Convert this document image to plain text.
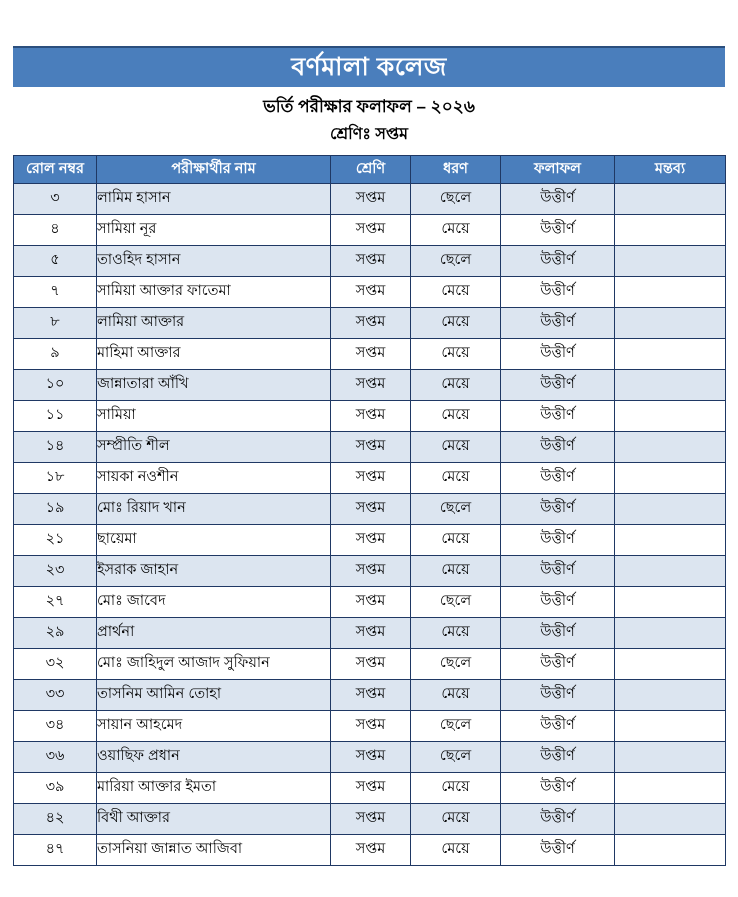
বর্ণমালা কলেজ
ভর্তি পরীক্ষার ফলাফল – ২০২৬
শ্রেণিঃ সপ্তম
রোল নম্বর	পরীক্ষার্থীর নাম	শ্রেণি	ধরণ	ফলাফল	মন্তব্য
৩	লামিম হাসান	সপ্তম	ছেলে	উত্তীর্ণ	
৪	সামিয়া নূর	সপ্তম	মেয়ে	উত্তীর্ণ	
৫	তাওহিদ হাসান	সপ্তম	ছেলে	উত্তীর্ণ	
৭	সামিয়া আক্তার ফাতেমা	সপ্তম	মেয়ে	উত্তীর্ণ	
৮	লামিয়া আক্তার	সপ্তম	মেয়ে	উত্তীর্ণ	
৯	মাহিমা আক্তার	সপ্তম	মেয়ে	উত্তীর্ণ	
১০	জান্নাতারা আঁখি	সপ্তম	মেয়ে	উত্তীর্ণ	
১১	সামিয়া	সপ্তম	মেয়ে	উত্তীর্ণ	
১৪	সম্প্রীতি শীল	সপ্তম	মেয়ে	উত্তীর্ণ	
১৮	সায়কা নওশীন	সপ্তম	মেয়ে	উত্তীর্ণ	
১৯	মোঃ রিয়াদ খান	সপ্তম	ছেলে	উত্তীর্ণ	
২১	ছায়েমা	সপ্তম	মেয়ে	উত্তীর্ণ	
২৩	ইসরাক জাহান	সপ্তম	মেয়ে	উত্তীর্ণ	
২৭	মোঃ জাবেদ	সপ্তম	ছেলে	উত্তীর্ণ	
২৯	প্রার্থনা	সপ্তম	মেয়ে	উত্তীর্ণ	
৩২	মোঃ জাহিদুল আজাদ সুফিয়ান	সপ্তম	ছেলে	উত্তীর্ণ	
৩৩	তাসনিম আমিন তোহা	সপ্তম	মেয়ে	উত্তীর্ণ	
৩৪	সায়ান আহমেদ	সপ্তম	ছেলে	উত্তীর্ণ	
৩৬	ওয়াছিফ প্রধান	সপ্তম	ছেলে	উত্তীর্ণ	
৩৯	মারিয়া আক্তার ইমতা	সপ্তম	মেয়ে	উত্তীর্ণ	
৪২	বিথী আক্তার	সপ্তম	মেয়ে	উত্তীর্ণ	
৪৭	তাসনিয়া জান্নাত আজিবা	সপ্তম	মেয়ে	উত্তীর্ণ	
